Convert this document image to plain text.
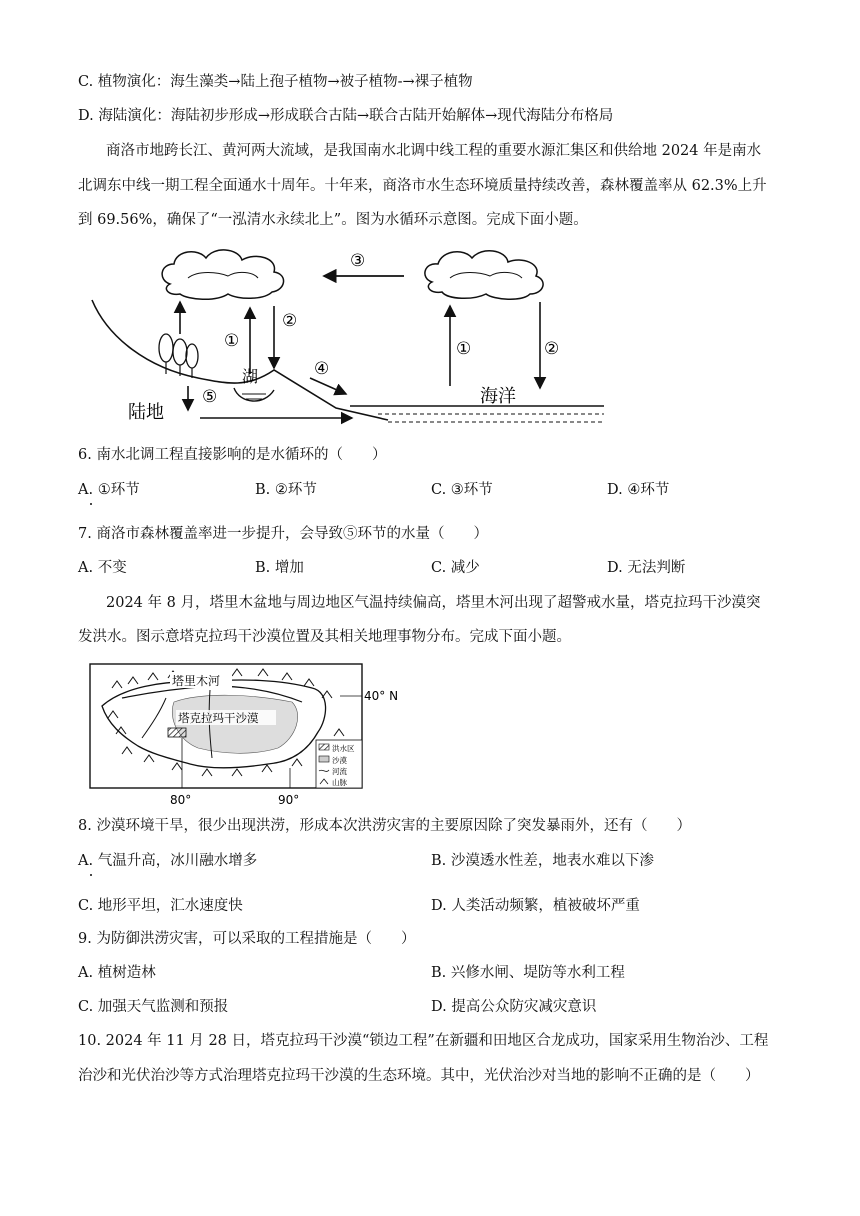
C. 植物演化：海生藻类→陆上孢子植物→被子植物-→裸子植物
D. 海陆演化：海陆初步形成→形成联合古陆→联合古陆开始解体→现代海陆分布格局
商洛市地跨长江、黄河两大流域，是我国南水北调中线工程的重要水源汇集区和供给地 2024 年是南水
北调东中线一期工程全面通水十周年。十年来，商洛市水生态环境质量持续改善，森林覆盖率从 62.3%上升
到 69.56%，确保了“一泓清水永续北上”。图为水循环示意图。完成下面小题。
③
①
②
湖	④
⑤
陆地
海洋
①	②
6. 南水北调工程直接影响的是水循环的（　　）
A. ①环节	B. ②环节	C. ③环节	D. ④环节
7. 商洛市森林覆盖率进一步提升，会导致⑤环节的水量（　　）
A. 不变	B. 增加	C. 减少	D. 无法判断
2024 年 8 月，塔里木盆地与周边地区气温持续偏高，塔里木河出现了超警戒水量，塔克拉玛干沙漠突
发洪水。图示意塔克拉玛干沙漠位置及其相关地理事物分布。完成下面小题。
塔里木河
塔克拉玛干沙漠
40° N
80°	90°
洪水区
沙漠
河流
山脉
8. 沙漠环境干旱，很少出现洪涝，形成本次洪涝灾害的主要原因除了突发暴雨外，还有（　　）
A. 气温升高，冰川融水增多	B. 沙漠透水性差，地表水难以下渗
C. 地形平坦，汇水速度快	D. 人类活动频繁，植被破坏严重
9. 为防御洪涝灾害，可以采取的工程措施是（　　）
A. 植树造林	B. 兴修水闸、堤防等水利工程
C. 加强天气监测和预报	D. 提高公众防灾减灾意识
10. 2024 年 11 月 28 日，塔克拉玛干沙漠“锁边工程”在新疆和田地区合龙成功，国家采用生物治沙、工程
治沙和光伏治沙等方式治理塔克拉玛干沙漠的生态环境。其中，光伏治沙对当地的影响不正确的是（　　）
